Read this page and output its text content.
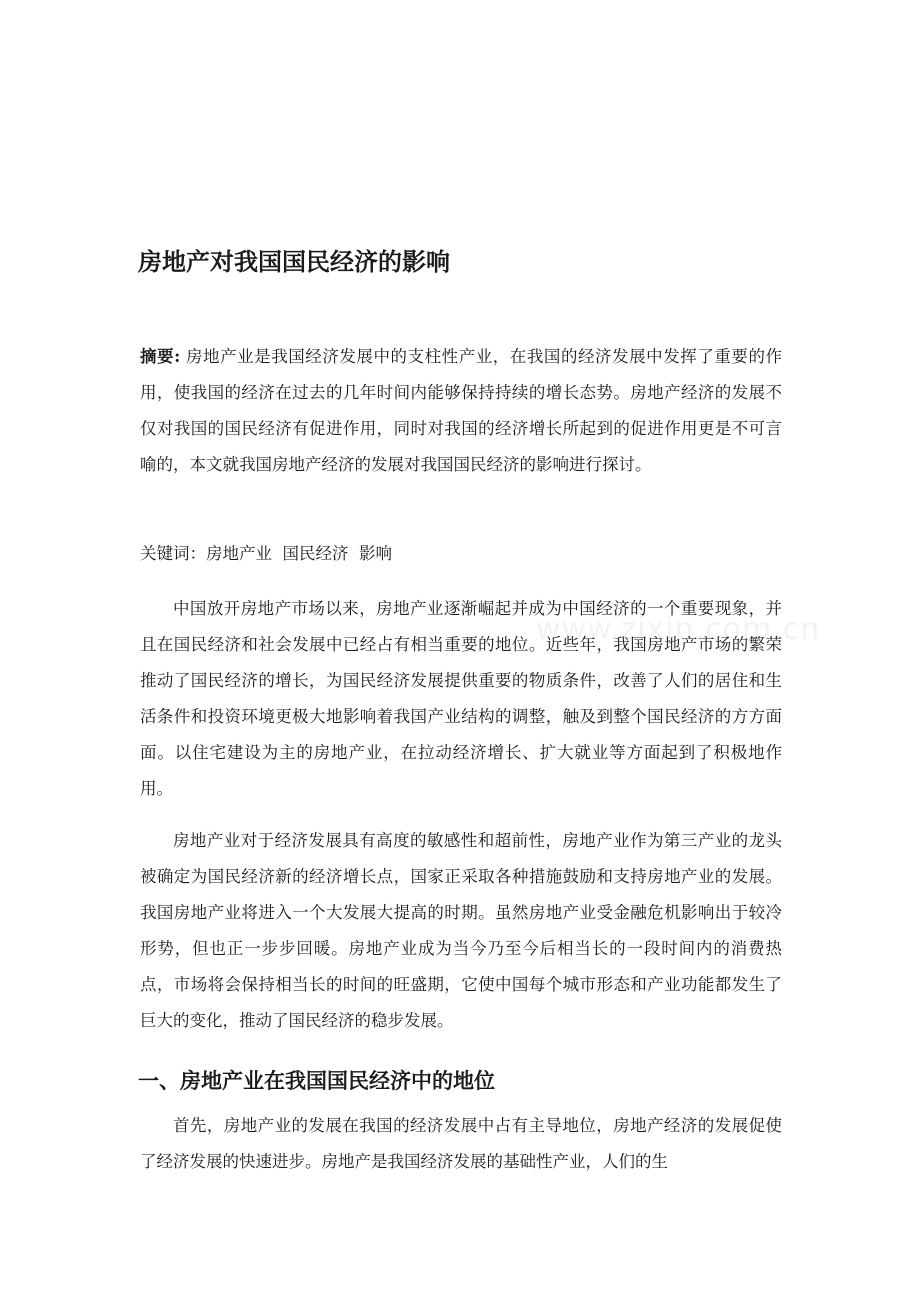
房地产对我国国民经济的影响

摘要: 房地产业是我国经济发展中的支柱性产业，在我国的经济发展中发挥了重要的作用，使我国的经济在过去的几年时间内能够保持持续的增长态势。房地产经济的发展不仅对我国的国民经济有促进作用，同时对我国的经济增长所起到的促进作用更是不可言喻的，本文就我国房地产经济的发展对我国国民经济的影响进行探讨。

关键词：房地产业  国民经济  影响

中国放开房地产市场以来，房地产业逐渐崛起并成为中国经济的一个重要现象，并且在国民经济和社会发展中已经占有相当重要的地位。近些年，我国房地产市场的繁荣推动了国民经济的增长，为国民经济发展提供重要的物质条件，改善了人们的居住和生活条件和投资环境更极大地影响着我国产业结构的调整，触及到整个国民经济的方方面面。以住宅建设为主的房地产业，在拉动经济增长、扩大就业等方面起到了积极地作用。

房地产业对于经济发展具有高度的敏感性和超前性，房地产业作为第三产业的龙头被确定为国民经济新的经济增长点，国家正采取各种措施鼓励和支持房地产业的发展。我国房地产业将进入一个大发展大提高的时期。虽然房地产业受金融危机影响出于较冷形势，但也正一步步回暖。房地产业成为当今乃至今后相当长的一段时间内的消费热点，市场将会保持相当长的时间的旺盛期，它使中国每个城市形态和产业功能都发生了巨大的变化，推动了国民经济的稳步发展。

一、房地产业在我国国民经济中的地位

首先，房地产业的发展在我国的经济发展中占有主导地位，房地产经济的发展促使了经济发展的快速进步。房地产是我国经济发展的基础性产业，人们的生

www.zixin.com.cn
